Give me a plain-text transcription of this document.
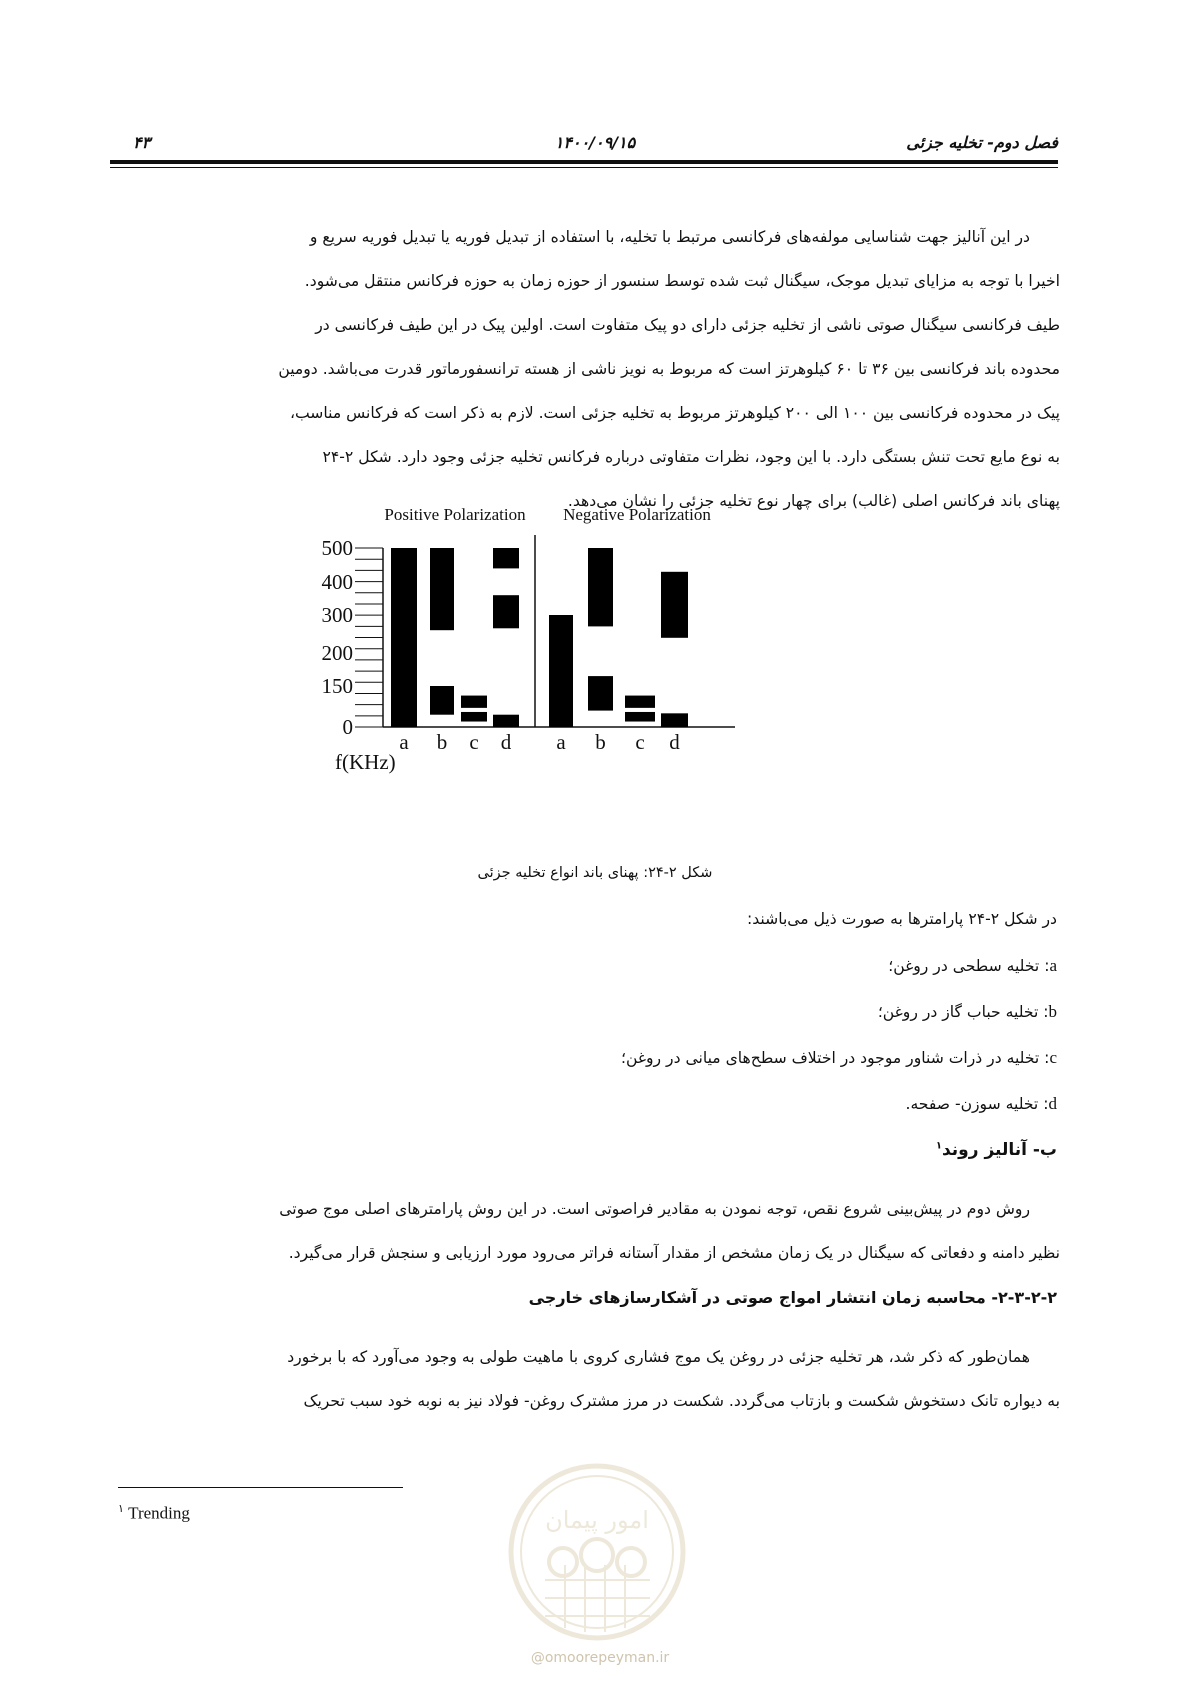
فصل دوم- تخلیه جزئی
۱۴۰۰/۰۹/۱۵
۴۳
در این آنالیز جهت شناسایی مولفه‌های فرکانسی مرتبط با تخلیه، با استفاده از تبدیل فوریه یا تبدیل فوریه سریع و
اخیرا با توجه به مزایای تبدیل موجک، سیگنال ثبت شده توسط سنسور از حوزه زمان به حوزه فرکانس منتقل می‌شود.
طیف فرکانسی سیگنال صوتی ناشی از تخلیه جزئی دارای دو پیک متفاوت است. اولین پیک در این طیف فرکانسی در
محدوده باند فرکانسی بین ۳۶ تا ۶۰ کیلوهرتز است که مربوط به نویز ناشی از هسته ترانسفورماتور قدرت می‌باشد. دومین
پیک در محدوده فرکانسی بین ۱۰۰ الی ۲۰۰ کیلوهرتز مربوط به تخلیه جزئی است. لازم به ذکر است که فرکانس مناسب،
به نوع مایع تحت تنش بستگی دارد. با این وجود، نظرات متفاوتی درباره فرکانس تخلیه جزئی وجود دارد. شکل ۲-۲۴
پهنای باند فرکانس اصلی (غالب) برای چهار نوع تخلیه جزئی را نشان می‌دهد.
Positive Polarization Negative Polarization
0
150
200
300
400
500
a b c d a b c d
f(KHz)
شکل ۲-۲۴: پهنای باند انواع تخلیه جزئی
در شکل ۲-۲۴ پارامترها به صورت ذیل می‌باشند:
a: تخلیه سطحی در روغن؛
b: تخلیه حباب گاز در روغن؛
c: تخلیه در ذرات شناور موجود در اختلاف سطح‌های میانی در روغن؛
d: تخلیه سوزن- صفحه.
ب- آنالیز روند$^۱$
روش دوم در پیش‌بینی شروع نقص، توجه نمودن به مقادیر فراصوتی است. در این روش پارامترهای اصلی موج صوتی
نظیر دامنه و دفعاتی که سیگنال در یک زمان مشخص از مقدار آستانه فراتر می‌رود مورد ارزیابی و سنجش قرار می‌گیرد.
۲-۳-۲-۲- محاسبه زمان انتشار امواج صوتی در آشکارسازهای خارجی
همان‌طور که ذکر شد، هر تخلیه جزئی در روغن یک موج فشاری کروی با ماهیت طولی به وجود می‌آورد که با برخورد
به دیواره تانک دستخوش شکست و بازتاب می‌گردد. شکست در مرز مشترک روغن- فولاد نیز به نوبه خود سبب تحریک
$^۱$ Trending	امور پیمان
@omoorepeyman.ir
